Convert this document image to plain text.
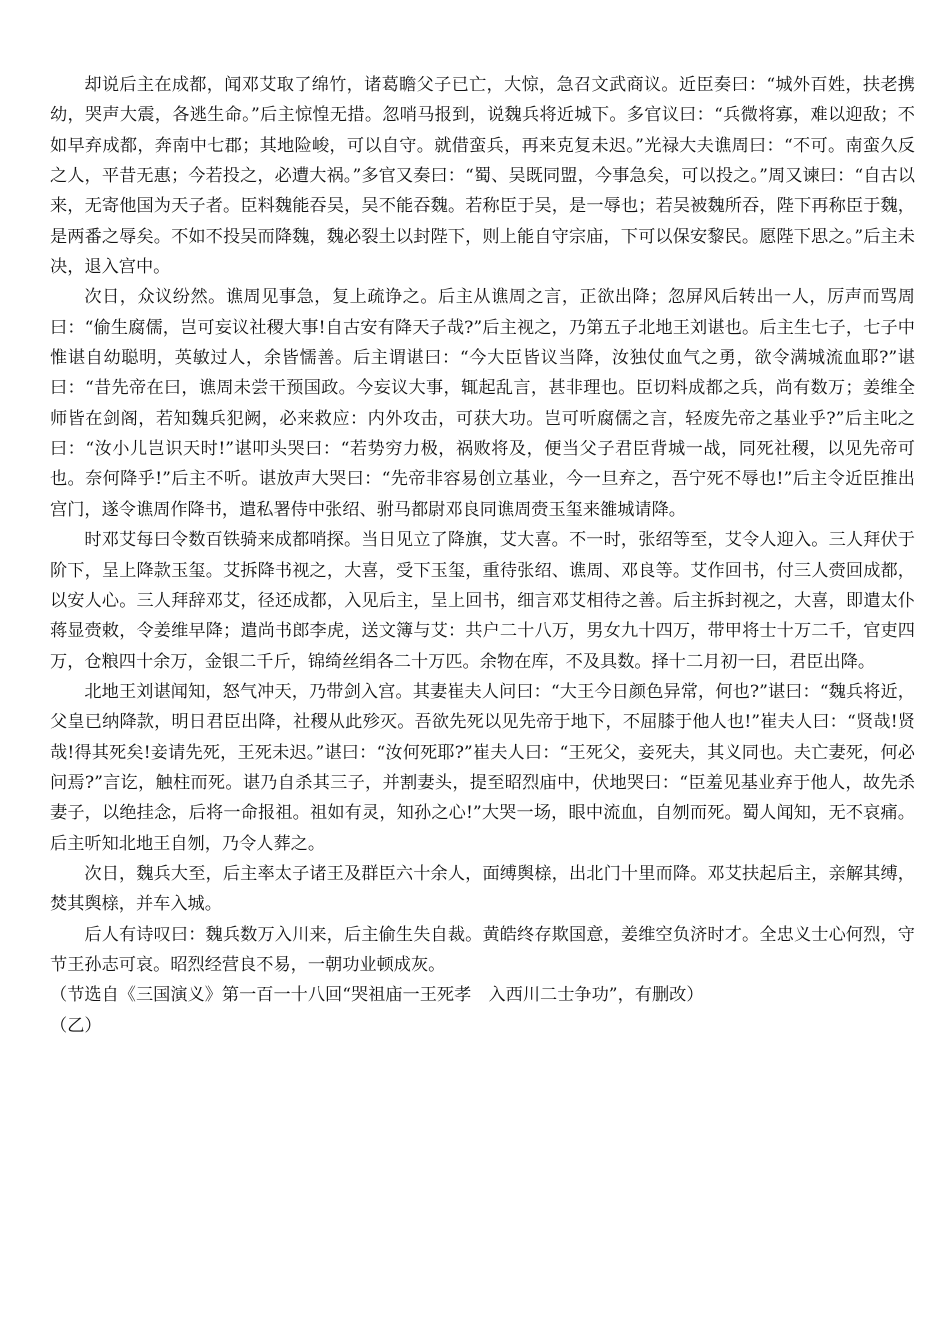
却说后主在成都，闻邓艾取了绵竹，诸葛瞻父子已亡，大惊，急召文武商议。近臣奏曰：“城外百姓，扶老携幼，哭声大震，各逃生命。”后主惊惶无措。忽哨马报到，说魏兵将近城下。多官议曰：“兵微将寡，难以迎敌；不如早弃成都，奔南中七郡；其地险峻，可以自守。就借蛮兵，再来克复未迟。”光禄大夫谯周曰：“不可。南蛮久反之人，平昔无惠；今若投之，必遭大祸。”多官又奏曰：“蜀、吴既同盟，今事急矣，可以投之。”周又谏曰：“自古以来，无寄他国为天子者。臣料魏能吞吴，吴不能吞魏。若称臣于吴，是一辱也；若吴被魏所吞，陛下再称臣于魏，是两番之辱矣。不如不投吴而降魏，魏必裂土以封陛下，则上能自守宗庙，下可以保安黎民。愿陛下思之。”后主未决，退入宫中。

次日，众议纷然。谯周见事急，复上疏诤之。后主从谯周之言，正欲出降；忽屏风后转出一人，厉声而骂周曰：“偷生腐儒，岂可妄议社稷大事!自古安有降天子哉?”后主视之，乃第五子北地王刘谌也。后主生七子，七子中惟谌自幼聪明，英敏过人，余皆懦善。后主谓谌曰：“今大臣皆议当降，汝独仗血气之勇，欲令满城流血耶?”谌曰：“昔先帝在曰，谯周未尝干预国政。今妄议大事，辄起乱言，甚非理也。臣切料成都之兵，尚有数万；姜维全师皆在剑阁，若知魏兵犯阙，必来救应：内外攻击，可获大功。岂可听腐儒之言，轻废先帝之基业乎?”后主叱之曰：“汝小儿岂识天时!”谌叩头哭曰：“若势穷力极，祸败将及，便当父子君臣背城一战，同死社稷，以见先帝可也。奈何降乎!”后主不听。谌放声大哭曰：“先帝非容易创立基业，今一旦弃之，吾宁死不辱也!”后主令近臣推出宫门，遂令谯周作降书，遣私署侍中张绍、驸马都尉邓良同谯周赍玉玺来雒城请降。

时邓艾每曰令数百铁骑来成都哨探。当日见立了降旗，艾大喜。不一时，张绍等至，艾令人迎入。三人拜伏于阶下，呈上降款玉玺。艾拆降书视之，大喜，受下玉玺，重待张绍、谯周、邓良等。艾作回书，付三人赍回成都，以安人心。三人拜辞邓艾，径还成都，入见后主，呈上回书，细言邓艾相待之善。后主拆封视之，大喜，即遣太仆蒋显赍敕，令姜维早降；遣尚书郎李虎，送文簿与艾：共户二十八万，男女九十四万，带甲将士十万二千，官吏四万，仓粮四十余万，金银二千斤，锦绮丝绢各二十万匹。余物在库，不及具数。择十二月初一曰，君臣出降。

北地王刘谌闻知，怒气冲天，乃带剑入宫。其妻崔夫人问曰：“大王今日颜色异常，何也?”谌曰：“魏兵将近，父皇已纳降款，明日君臣出降，社稷从此殄灭。吾欲先死以见先帝于地下，不屈膝于他人也!”崔夫人曰：“贤哉!贤哉!得其死矣!妾请先死，王死未迟。”谌曰：“汝何死耶?”崔夫人曰：“王死父，妾死夫，其义同也。夫亡妻死，何必问焉?”言讫，触柱而死。谌乃自杀其三子，并割妻头，提至昭烈庙中，伏地哭曰：“臣羞见基业弃于他人，故先杀妻子，以绝挂念，后将一命报祖。祖如有灵，知孙之心!”大哭一场，眼中流血，自刎而死。蜀人闻知，无不哀痛。后主听知北地王自刎，乃令人葬之。

次日，魏兵大至，后主率太子诸王及群臣六十余人，面缚舆榇，出北门十里而降。邓艾扶起后主，亲解其缚，焚其舆榇，并车入城。

后人有诗叹曰：魏兵数万入川来，后主偷生失自裁。黄皓终存欺国意，姜维空负济时才。全忠义士心何烈，守节王孙志可哀。昭烈经营良不易，一朝功业顿成灰。

（节选自《三国演义》第一百一十八回“哭祖庙一王死孝　入西川二士争功”，有删改）

（乙）
